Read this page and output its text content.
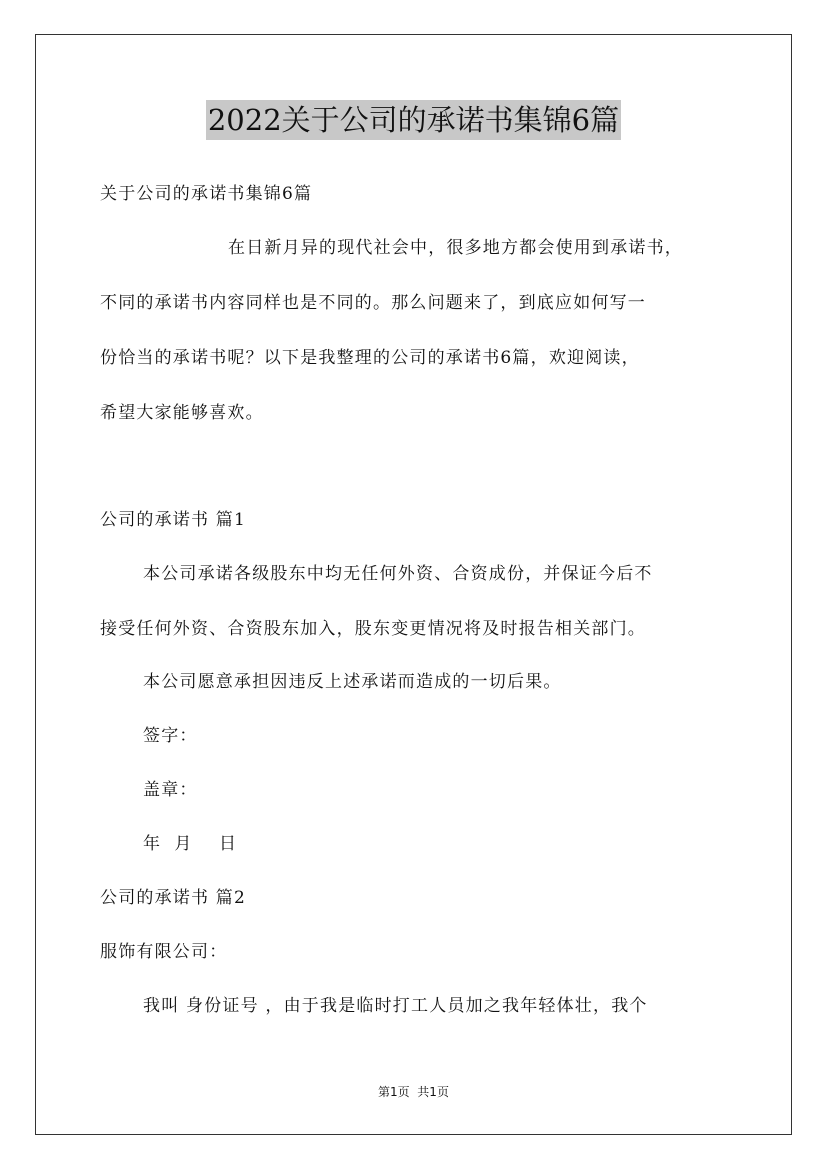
2022关于公司的承诺书集锦6篇
关于公司的承诺书集锦6篇
在日新月异的现代社会中，很多地方都会使用到承诺书，
不同的承诺书内容同样也是不同的。那么问题来了，到底应如何写一
份恰当的承诺书呢？以下是我整理的公司的承诺书6篇，欢迎阅读，
希望大家能够喜欢。
公司的承诺书 篇1
本公司承诺各级股东中均无任何外资、合资成份，并保证今后不
接受任何外资、合资股东加入，股东变更情况将及时报告相关部门。
本公司愿意承担因违反上述承诺而造成的一切后果。
签字：
盖章：
年  月    日
公司的承诺书 篇2
服饰有限公司：
我叫 身份证号 ，由于我是临时打工人员加之我年轻体壮，我个
第1页  共1页
